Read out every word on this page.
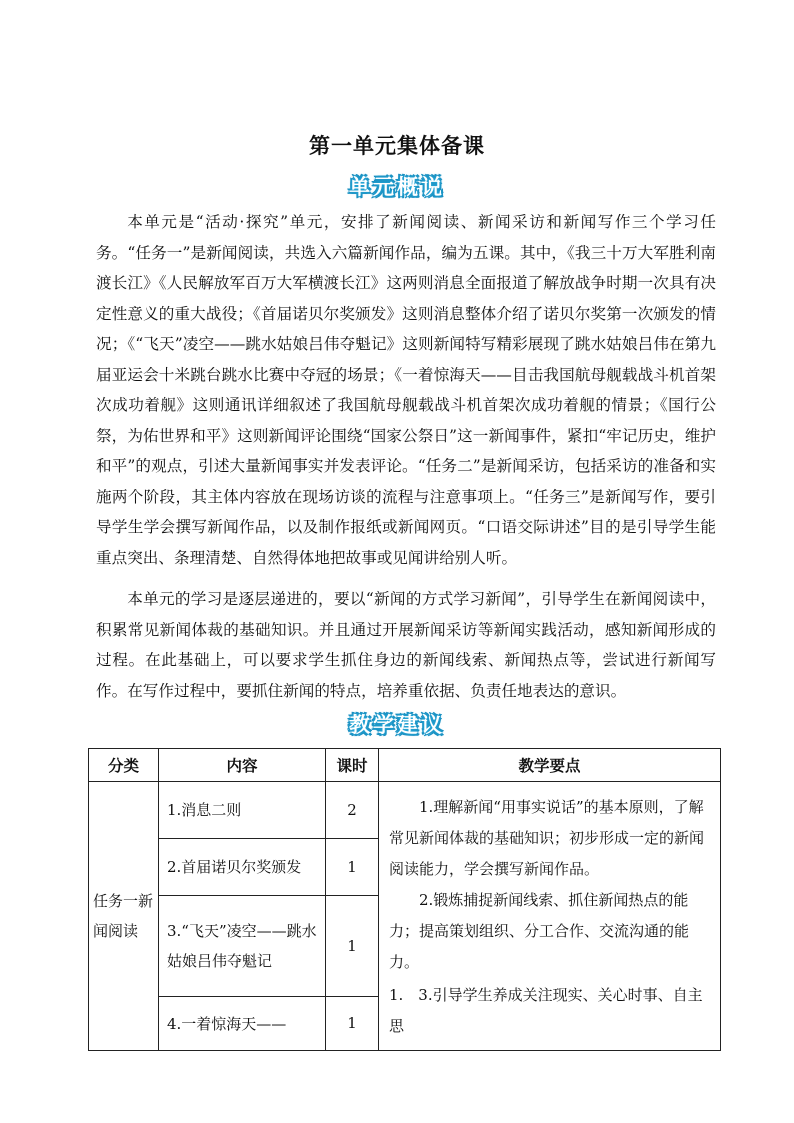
第一单元集体备课
单元概说

本单元是“活动·探究”单元，安排了新闻阅读、新闻采访和新闻写作三个学习任务。“任务一”是新闻阅读，共选入六篇新闻作品，编为五课。其中，《我三十万大军胜利南渡长江》《人民解放军百万大军横渡长江》这两则消息全面报道了解放战争时期一次具有决定性意义的重大战役；《首届诺贝尔奖颁发》这则消息整体介绍了诺贝尔奖第一次颁发的情况；《“飞天”凌空——跳水姑娘吕伟夺魁记》这则新闻特写精彩展现了跳水姑娘吕伟在第九届亚运会十米跳台跳水比赛中夺冠的场景；《一着惊海天——目击我国航母舰载战斗机首架次成功着舰》这则通讯详细叙述了我国航母舰载战斗机首架次成功着舰的情景；《国行公祭，为佑世界和平》这则新闻评论围绕“国家公祭日”这一新闻事件，紧扣“牢记历史，维护和平”的观点，引述大量新闻事实并发表评论。“任务二”是新闻采访，包括采访的准备和实施两个阶段，其主体内容放在现场访谈的流程与注意事项上。“任务三”是新闻写作，要引导学生学会撰写新闻作品，以及制作报纸或新闻网页。“口语交际讲述”目的是引导学生能重点突出、条理清楚、自然得体地把故事或见闻讲给别人听。

本单元的学习是逐层递进的，要以“新闻的方式学习新闻”，引导学生在新闻阅读中，积累常见新闻体裁的基础知识。并且通过开展新闻采访等新闻实践活动，感知新闻形成的过程。在此基础上，可以要求学生抓住身边的新闻线索、新闻热点等，尝试进行新闻写作。在写作过程中，要抓住新闻的特点，培养重依据、负责任地表达的意识。

教学建议
分类	内容	课时	教学要点
任务一新闻阅读	1.消息二则	2	1.理解新闻“用事实说话”的基本原则，了解常见新闻体裁的基础知识；初步形成一定的新闻阅读能力，学会撰写新闻作品。

2.锻炼捕捉新闻线索、抓住新闻热点的能力；提高策划组织、分工合作、交流沟通的能力。

1.　3.引导学生养成关注现实、关心时事、自主思

	2.首届诺贝尔奖颁发	1	
	3.“飞天”凌空——跳水姑娘吕伟夺魁记	1	

	4.一着惊海天——	1	
